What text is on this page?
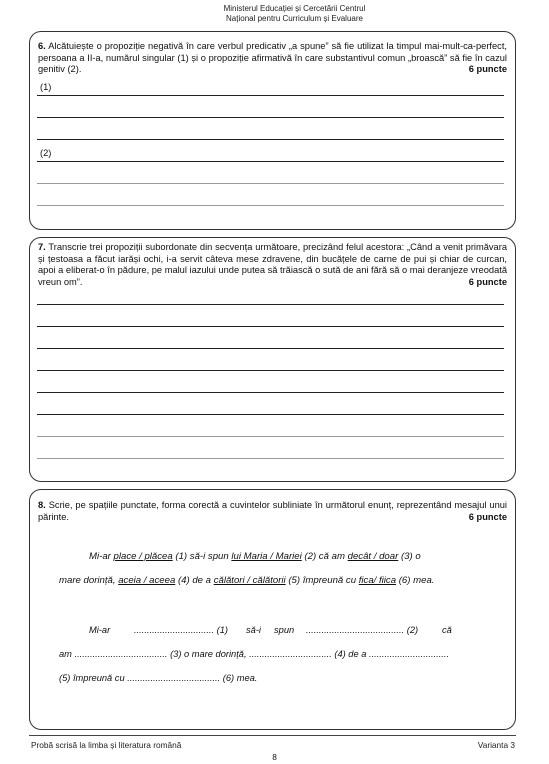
Ministerul Educației și Cercetării Centrul
Național pentru Curriculum și Evaluare
6. Alcătuiește o propoziție negativă în care verbul predicativ „a spune” să fie utilizat la timpul mai-mult-ca-perfect, persoana a II-a, numărul singular (1) și o propoziție afirmativă în care substantivul comun „broască” să fie în cazul genitiv (2).	6 puncte
(1)
(2)
7. Transcrie trei propoziții subordonate din secvența următoare, precizând felul acestora: „Când a venit primăvara și țestoasa a făcut iarăși ochi, i-a servit câteva mese zdravene, din bucățele de carne de pui și chiar de curcan, apoi a eliberat-o în pădure, pe malul iazului unde putea să trăiască o sută de ani fără să o mai deranjeze vreodată vreun om”.	6 puncte
8. Scrie, pe spațiile punctate, forma corectă a cuvintelor subliniate în următorul enunț, reprezentând mesajul unui părinte.	6 puncte
Mi-ar place / plăcea (1) să-i spun lui Maria / Mariei (2) că am decât / doar (3) o
mare dorință, aceia / aceea (4) de a călători / călătorii (5) împreună cu fica/ fiica (6) mea.
Mi-ar	............................... (1) să-i spun ...................................... (2)	că
am .................................... (3) o mare dorință, ................................ (4) de a ...............................
(5) împreună cu .................................... (6) mea.
Probă scrisă la limba și literatura română	Varianta 3
8
